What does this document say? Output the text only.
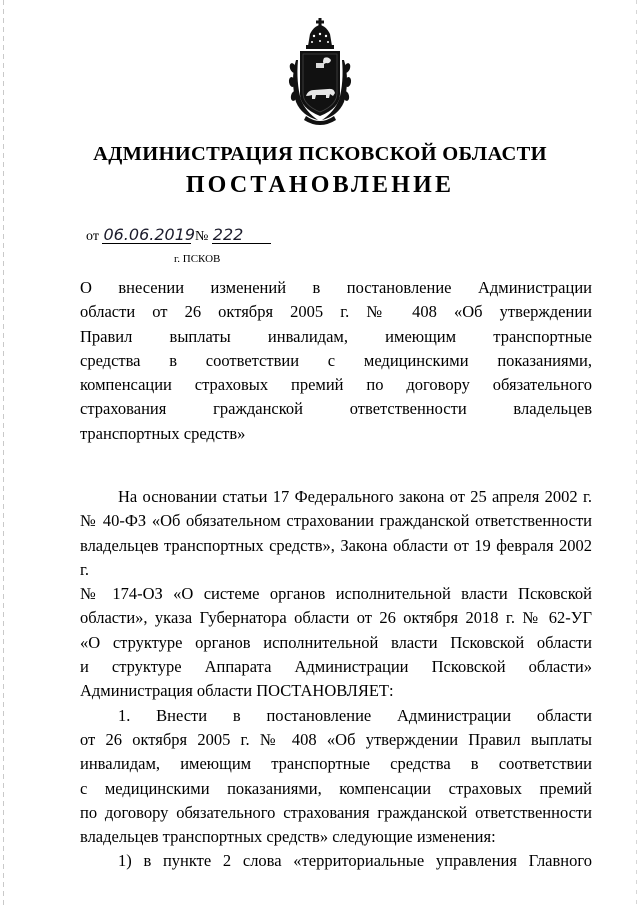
АДМИНИСТРАЦИЯ ПСКОВСКОЙ ОБЛАСТИ
ПОСТАНОВЛЕНИЕ
от 06.06.2019 № 222
г. ПСКОВ
О внесении изменений в постановление Администрации
области от 26 октября 2005 г. № 408 «Об утверждении
Правил выплаты инвалидам, имеющим транспортные
средства в соответствии с медицинскими показаниями,
компенсации страховых премий по договору обязательного
страхования гражданской ответственности владельцев
транспортных средств»
На основании статьи 17 Федерального закона от 25 апреля 2002 г.
№ 40-ФЗ «Об обязательном страховании гражданской ответственности
владельцев транспортных средств», Закона области от 19 февраля 2002 г.
№ 174-ОЗ «О системе органов исполнительной власти Псковской
области», указа Губернатора области от 26 октября 2018 г. № 62-УГ
«О структуре органов исполнительной власти Псковской области
и структуре Аппарата Администрации Псковской области»
Администрация области ПОСТАНОВЛЯЕТ:
1. Внести в постановление Администрации области
от 26 октября 2005 г. № 408 «Об утверждении Правил выплаты
инвалидам, имеющим транспортные средства в соответствии
с медицинскими показаниями, компенсации страховых премий
по договору обязательного страхования гражданской ответственности
владельцев транспортных средств» следующие изменения:
1) в пункте 2 слова «территориальные управления Главного
